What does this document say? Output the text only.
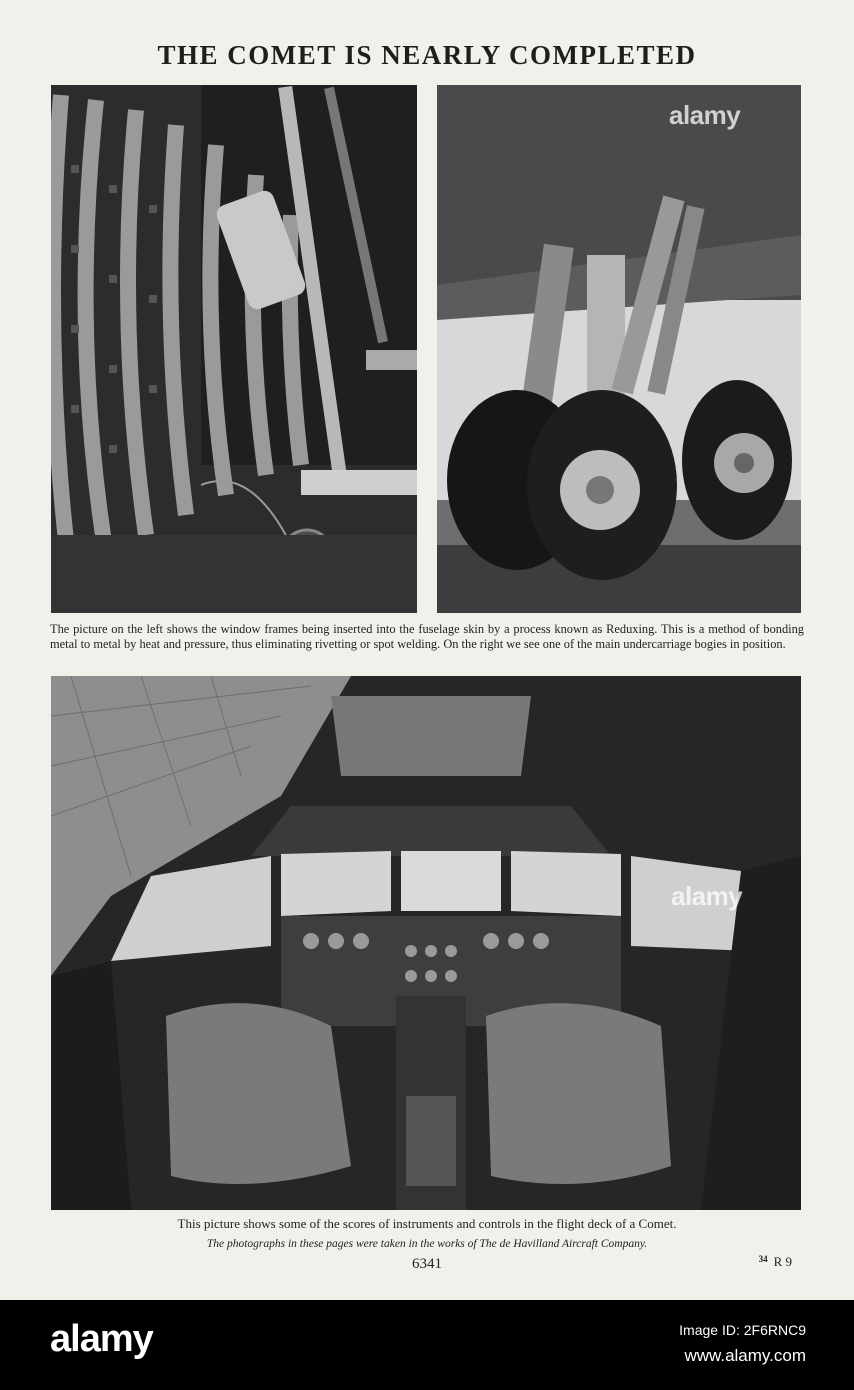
THE COMET IS NEARLY COMPLETED
alamy
The picture on the left shows the window frames being inserted into the fuselage skin by a process known as Reduxing. This is a method of bonding metal to metal by heat and pressure, thus eliminating rivetting or spot welding. On the right we see one of the main undercarriage bogies in position.
alamy
This picture shows some of the scores of instruments and controls in the flight deck of a Comet.
The photographs in these pages were taken in the works of The de Havilland Aircraft Company.
6341	$^{34}$ R 9
alamy	Image ID: 2F6RNC9
www.alamy.com
